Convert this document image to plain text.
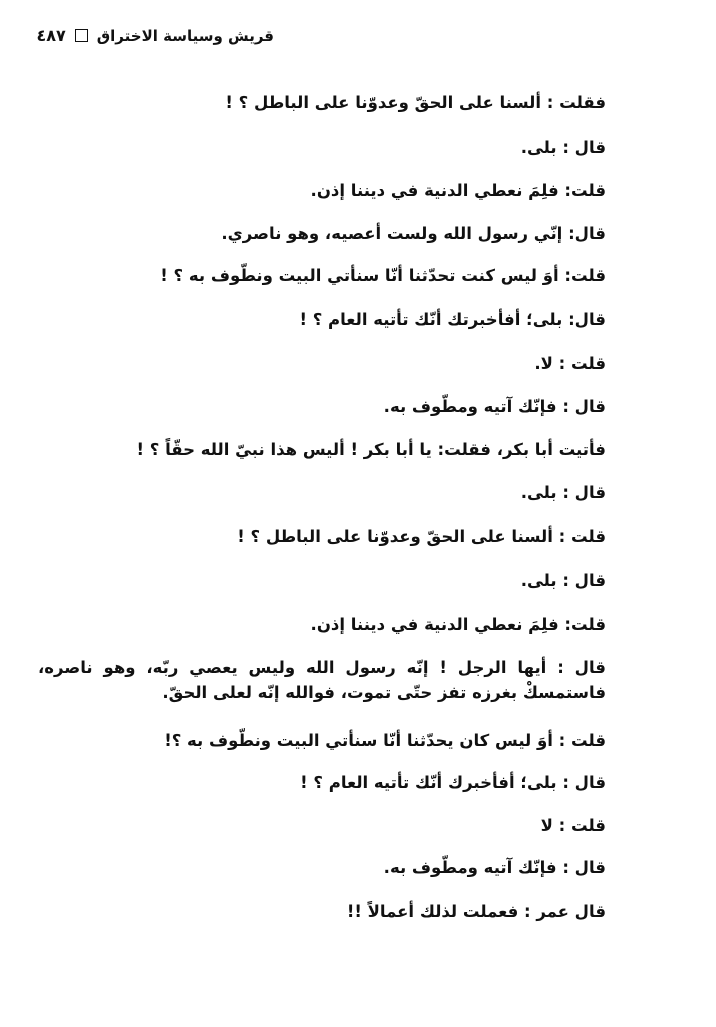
قريش وسياسة الاختراق
٤٨٧
فقلت : ألسنا على الحقّ وعدوّنا على الباطل ؟ !
قال : بلى.
قلت: فلِمَ نعطي الدنية في ديننا إذن.
قال: إنّي رسول الله ولست أعصيه، وهو ناصري.
قلت: أوَ ليس كنت تحدّثنا أنّا سنأتي البيت ونطّوف به ؟ !
قال: بلى؛ أفأخبرتك أنّك تأتيه العام ؟ !
قلت : لا.
قال : فإنّك آتيه ومطّوف به.
فأتيت أبا بكر، فقلت: يا أبا بكر ! أليس هذا نبيّ الله حقّاً ؟ !
قال : بلى.
قلت : ألسنا على الحقّ وعدوّنا على الباطل ؟ !
قال : بلى.
قلت: فلِمَ نعطي الدنية في ديننا إذن.
قال : أيها الرجل ! إنّه رسول الله وليس يعصي ربّه، وهو ناصره، فاستمسكْ بغرزه تفز حتّى تموت، فوالله إنّه لعلى الحقّ.
قلت : أوَ ليس كان يحدّثنا أنّا سنأتي البيت ونطّوف به ؟!
قال : بلى؛ أفأخبرك أنّك تأتيه العام ؟ !
قلت : لا
قال : فإنّك آتيه ومطّوف به.
قال عمر : فعملت لذلك أعمالاً !!
